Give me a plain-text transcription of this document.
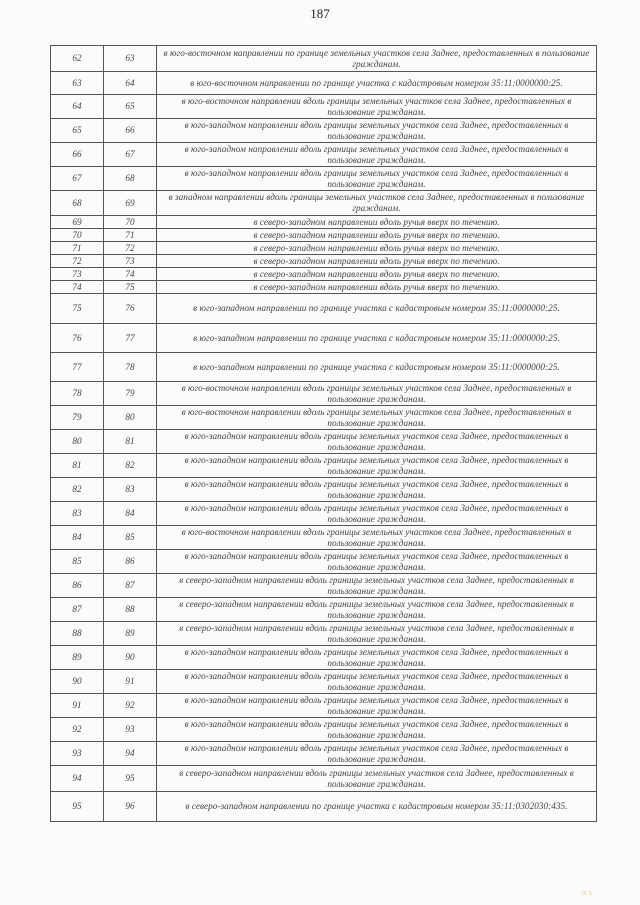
187
62	63	в юго-восточном направлении по границе земельных участков села Заднее, предоставленных в пользование гражданам.
63	64	в юго-восточном направлении по границе участка с кадастровым номером 35:11:0000000:25.
64	65	в юго-восточном направлении вдоль границы земельных участков села Заднее, предоставленных в пользование гражданам.
65	66	в юго-западном направлении вдоль границы земельных участков села Заднее, предоставленных в пользование гражданам.
66	67	в юго-западном направлении вдоль границы земельных участков села Заднее, предоставленных в пользование гражданам.
67	68	в юго-западном направлении вдоль границы земельных участков села Заднее, предоставленных в пользование гражданам.
68	69	в западном направлении вдоль границы земельных участков села Заднее, предоставленных в пользование гражданам.
69	70	в северо-западном направлении вдоль ручья вверх по течению.
70	71	в северо-западном направлении вдоль ручья вверх по течению.
71	72	в северо-западном направлении вдоль ручья вверх по течению.
72	73	в северо-западном направлении вдоль ручья вверх по течению.
73	74	в северо-западном направлении вдоль ручья вверх по течению.
74	75	в северо-западном направлении вдоль ручья вверх по течению.
75	76	в юго-западном направлении по границе участка с кадастровым номером 35:11:0000000:25.
76	77	в юго-западном направлении по границе участка с кадастровым номером 35:11:0000000:25.
77	78	в юго-западном направлении по границе участка с кадастровым номером 35:11:0000000:25.
78	79	в юго-восточном направлении вдоль границы земельных участков села Заднее, предоставленных в пользование гражданам.
79	80	в юго-восточном направлении вдоль границы земельных участков села Заднее, предоставленных в пользование гражданам.
80	81	в юго-западном направлении вдоль границы земельных участков села Заднее, предоставленных в пользование гражданам.
81	82	в юго-западном направлении вдоль границы земельных участков села Заднее, предоставленных в пользование гражданам.
82	83	в юго-западном направлении вдоль границы земельных участков села Заднее, предоставленных в пользование гражданам.
83	84	в юго-западном направлении вдоль границы земельных участков села Заднее, предоставленных в пользование гражданам.
84	85	в юго-восточном направлении вдоль границы земельных участков села Заднее, предоставленных в пользование гражданам.
85	86	в юго-западном направлении вдоль границы земельных участков села Заднее, предоставленных в пользование гражданам.
86	87	в северо-западном направлении вдоль границы земельных участков села Заднее, предоставленных в пользование гражданам.
87	88	в северо-западном направлении вдоль границы земельных участков села Заднее, предоставленных в пользование гражданам.
88	89	в северо-западном направлении вдоль границы земельных участков села Заднее, предоставленных в пользование гражданам.
89	90	в юго-западном направлении вдоль границы земельных участков села Заднее, предоставленных в пользование гражданам.
90	91	в юго-западном направлении вдоль границы земельных участков села Заднее, предоставленных в пользование гражданам.
91	92	в юго-западном направлении вдоль границы земельных участков села Заднее, предоставленных в пользование гражданам.
92	93	в юго-западном направлении вдоль границы земельных участков села Заднее, предоставленных в пользование гражданам.
93	94	в юго-западном направлении вдоль границы земельных участков села Заднее, предоставленных в пользование гражданам.
94	95	в северо-западном направлении вдоль границы земельных участков села Заднее, предоставленных в пользование гражданам.
95	96	в северо-западном направлении по границе участка с кадастровым номером 35:11:0302030:435.
IX 1
